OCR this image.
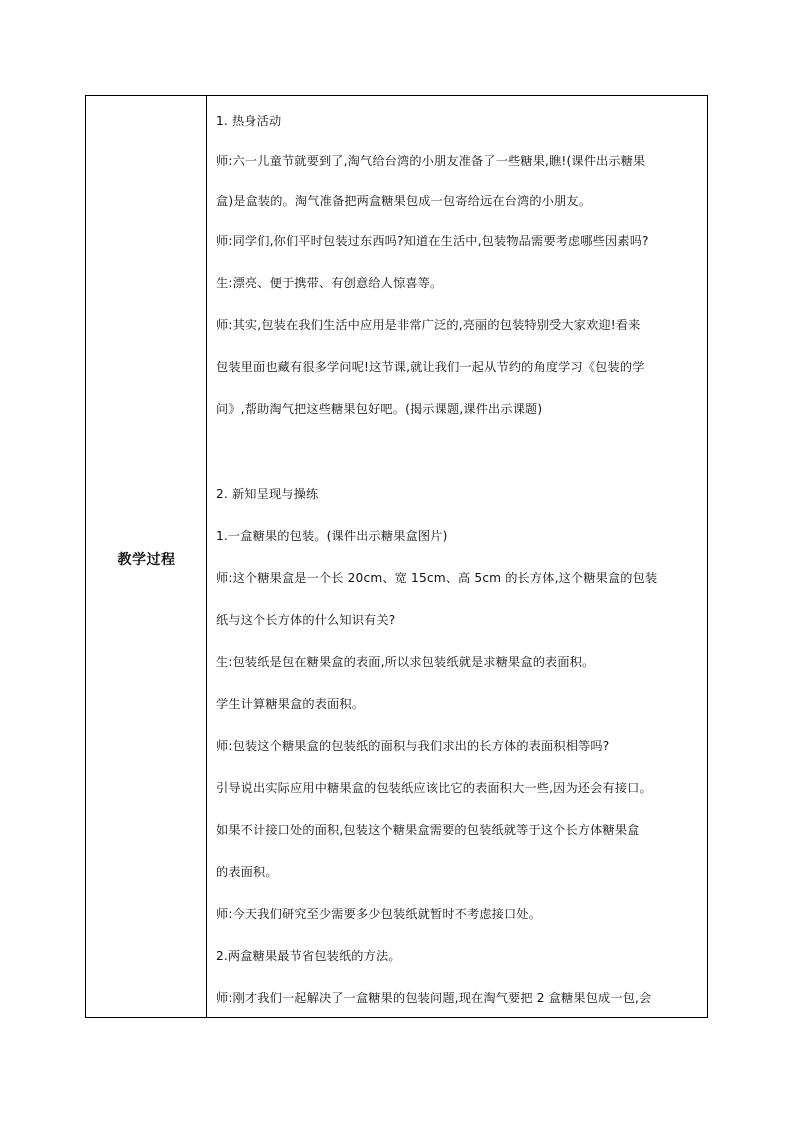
教学过程
1. 热身活动
师:六一儿童节就要到了,淘气给台湾的小朋友准备了一些糖果,瞧!(课件出示糖果
盒)是盒装的。淘气准备把两盒糖果包成一包寄给远在台湾的小朋友。
师:同学们,你们平时包装过东西吗?知道在生活中,包装物品需要考虑哪些因素吗?
生:漂亮、便于携带、有创意给人惊喜等。
师:其实,包装在我们生活中应用是非常广泛的,亮丽的包装特别受大家欢迎!看来
包装里面也藏有很多学问呢!这节课,就让我们一起从节约的角度学习《包装的学
问》,帮助淘气把这些糖果包好吧。(揭示课题,课件出示课题)
2. 新知呈现与操练
1.一盒糖果的包装。(课件出示糖果盒图片)
师:这个糖果盒是一个长 20cm、宽 15cm、高 5cm 的长方体,这个糖果盒的包装
纸与这个长方体的什么知识有关?
生:包装纸是包在糖果盒的表面,所以求包装纸就是求糖果盒的表面积。
学生计算糖果盒的表面积。
师:包装这个糖果盒的包装纸的面积与我们求出的长方体的表面积相等吗?
引导说出实际应用中糖果盒的包装纸应该比它的表面积大一些,因为还会有接口。
如果不计接口处的面积,包装这个糖果盒需要的包装纸就等于这个长方体糖果盒
的表面积。
师:今天我们研究至少需要多少包装纸就暂时不考虑接口处。
2.两盒糖果最节省包装纸的方法。
师:刚才我们一起解决了一盒糖果的包装问题,现在淘气要把 2 盒糖果包成一包,会
